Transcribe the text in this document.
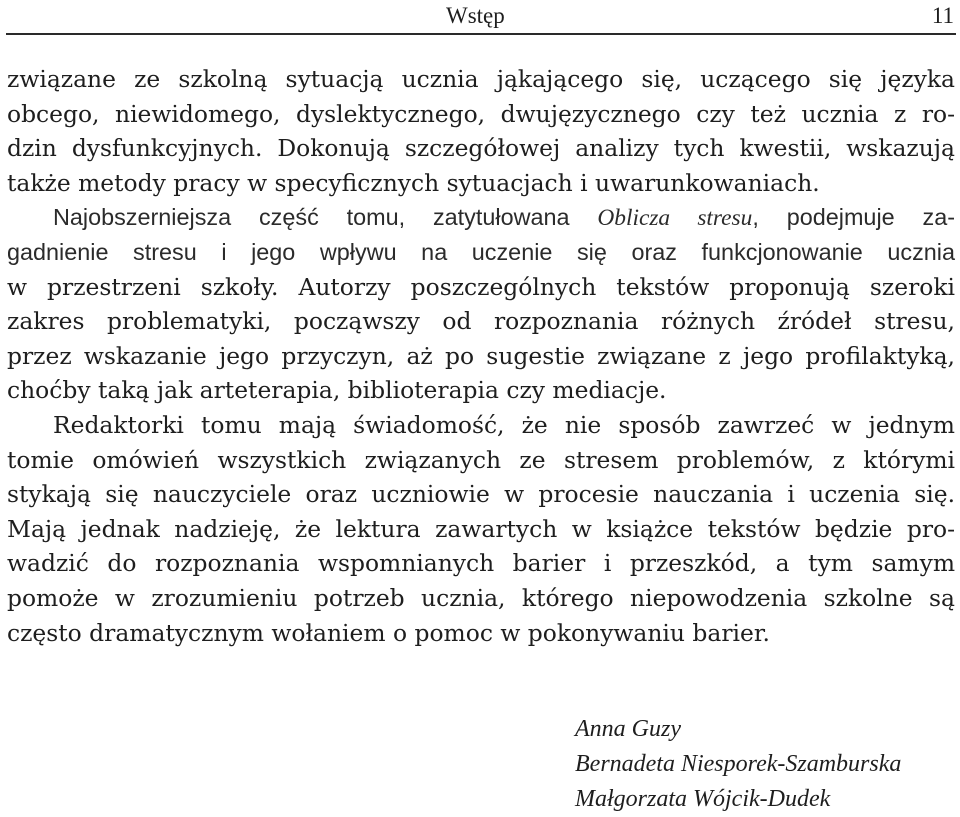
Wstęp	11
związane ze szkolną sytuacją ucznia jąkającego się, uczącego się języka
obcego, niewidomego, dyslektycznego, dwujęzycznego czy też ucznia z ro-
dzin dysfunkcyjnych. Dokonują szczegółowej analizy tych kwestii, wskazują
także metody pracy w specyficznych sytuacjach i uwarunkowaniach.
Najobszerniejsza część tomu, zatytułowana Oblicza stresu, podejmuje za-
gadnienie stresu i jego wpływu na uczenie się oraz funkcjonowanie ucznia
w przestrzeni szkoły. Autorzy poszczególnych tekstów proponują szeroki
zakres problematyki, począwszy od rozpoznania różnych źródeł stresu,
przez wskazanie jego przyczyn, aż po sugestie związane z jego profilaktyką,
choćby taką jak arteterapia, biblioterapia czy mediacje.
Redaktorki tomu mają świadomość, że nie sposób zawrzeć w jednym
tomie omówień wszystkich związanych ze stresem problemów, z którymi
stykają się nauczyciele oraz uczniowie w procesie nauczania i uczenia się.
Mają jednak nadzieję, że lektura zawartych w książce tekstów będzie pro-
wadzić do rozpoznania wspomnianych barier i przeszkód, a tym samym
pomoże w zrozumieniu potrzeb ucznia, którego niepowodzenia szkolne są
często dramatycznym wołaniem o pomoc w pokonywaniu barier.
Anna Guzy
Bernadeta Niesporek-Szamburska
Małgorzata Wójcik-Dudek
